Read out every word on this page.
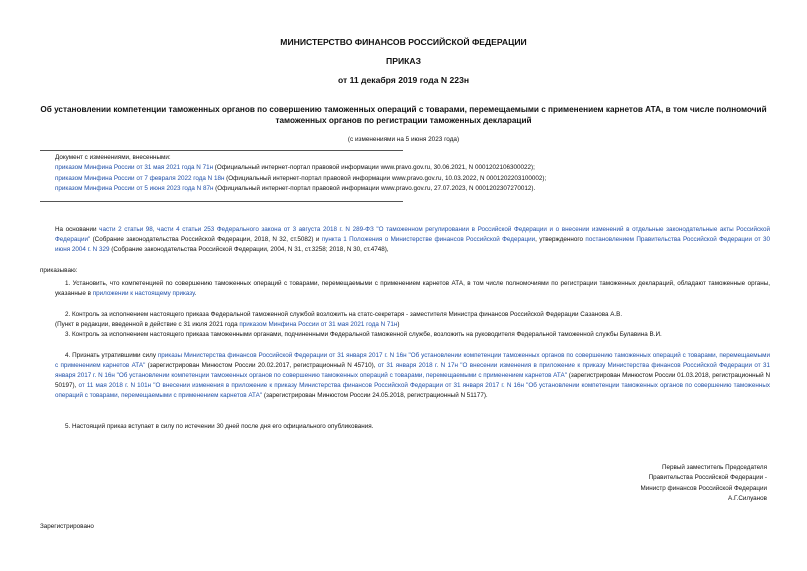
МИНИСТЕРСТВО ФИНАНСОВ РОССИЙСКОЙ ФЕДЕРАЦИИ
ПРИКАЗ
от 11 декабря 2019 года N 223н
Об установлении компетенции таможенных органов по совершению таможенных операций с товарами, перемещаемыми с применением карнетов АТА, в том числе полномочий таможенных органов по регистрации таможенных деклараций
(с изменениями на 5 июня 2023 года)
Документ с изменениями, внесенными:
приказом Минфина России от 31 мая 2021 года N 71н (Официальный интернет-портал правовой информации www.pravo.gov.ru, 30.06.2021, N 0001202106300022);
приказом Минфина России от 7 февраля 2022 года N 18н (Официальный интернет-портал правовой информации www.pravo.gov.ru, 10.03.2022, N 0001202203100002);
приказом Минфина России от 5 июня 2023 года N 87н (Официальный интернет-портал правовой информации www.pravo.gov.ru, 27.07.2023, N 0001202307270012).
На основании части 2 статьи 98, части 4 статьи 253 Федерального закона от 3 августа 2018 г. N 289-ФЗ "О таможенном регулировании в Российской Федерации и о внесении изменений в отдельные законодательные акты Российской Федерации" (Собрание законодательства Российской Федерации, 2018, N 32, ст.5082) и пункта 1 Положения о Министерстве финансов Российской Федерации, утвержденного постановлением Правительства Российской Федерации от 30 июня 2004 г. N 329 (Собрание законодательства Российской Федерации, 2004, N 31, ст.3258; 2018, N 30, ст.4748),
приказываю:
1. Установить, что компетенцией по совершению таможенных операций с товарами, перемещаемыми с применением карнетов АТА, в том числе полномочиями по регистрации таможенных деклараций, обладают таможенные органы, указанные в приложении к настоящему приказу.
2. Контроль за исполнением настоящего приказа Федеральной таможенной службой возложить на статс-секретаря - заместителя Министра финансов Российской Федерации Сазанова А.В.
(Пункт в редакции, введенной в действие с 31 июля 2021 года приказом Минфина России от 31 мая 2021 года N 71н)
3. Контроль за исполнением настоящего приказа таможенными органами, подчиненными Федеральной таможенной службе, возложить на руководителя Федеральной таможенной службы Булавина В.И.
4. Признать утратившими силу приказы Министерства финансов Российской Федерации от 31 января 2017 г. N 16н "Об установлении компетенции таможенных органов по совершению таможенных операций с товарами, перемещаемыми с применением карнетов АТА" (зарегистрирован Минюстом России 20.02.2017, регистрационный N 45710), от 31 января 2018 г. N 17н "О внесении изменения в приложение к приказу Министерства финансов Российской Федерации от 31 января 2017 г. N 16н "Об установлении компетенции таможенных органов по совершению таможенных операций с товарами, перемещаемыми с применением карнетов АТА" (зарегистрирован Минюстом России 01.03.2018, регистрационный N 50197), от 11 мая 2018 г. N 101н "О внесении изменения в приложение к приказу Министерства финансов Российской Федерации от 31 января 2017 г. N 16н "Об установлении компетенции таможенных органов по совершению таможенных операций с товарами, перемещаемыми с применением карнетов АТА" (зарегистрирован Минюстом России 24.05.2018, регистрационный N 51177).
5. Настоящий приказ вступает в силу по истечении 30 дней после дня его официального опубликования.
Первый заместитель Председателя
Правительства Российской Федерации -
Министр финансов Российской Федерации
А.Г.Силуанов
Зарегистрировано
